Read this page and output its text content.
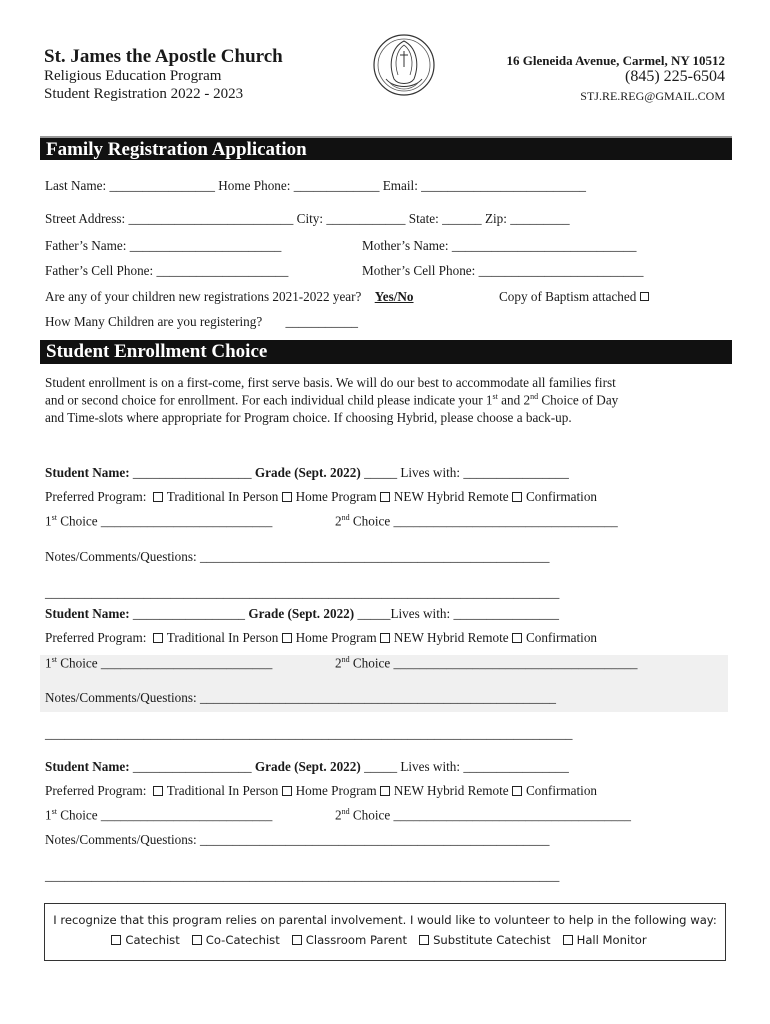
St. James the Apostle Church
Religious Education Program
Student Registration 2022 - 2023
16 Gleneida Avenue, Carmel, NY 10512
(845) 225-6504
STJ.RE.REG@GMAIL.COM
Family Registration Application
Last Name: ________________ Home Phone: _____________ Email: _________________________
Street Address: _________________________ City: ____________ State: ______ Zip: _________
Father’s Name: _______________________	Mother’s Name: ____________________________
Father’s Cell Phone: ____________________	Mother’s Cell Phone: _________________________
Are any of your children new registrations 2021-2022 year? Yes/No	Copy of Baptism attached
How Many Children are you registering? ___________
Student Enrollment Choice
Student enrollment is on a first-come, first serve basis. We will do our best to accommodate all families first
and or second choice for enrollment. For each individual child please indicate your 1st and 2nd Choice of Day
and Time-slots where appropriate for Program choice. If choosing Hybrid, please choose a back-up.
Student Name: __________________ Grade (Sept. 2022) _____ Lives with: ________________
Preferred Program: Traditional In Person Home Program NEW Hybrid Remote Confirmation
1st Choice __________________________	2nd Choice __________________________________
Notes/Comments/Questions: _____________________________________________________
______________________________________________________________________________
Student Name: _________________ Grade (Sept. 2022) _____Lives with: ________________
Preferred Program: Traditional In Person Home Program NEW Hybrid Remote Confirmation
1st Choice __________________________	2nd Choice _____________________________________
Notes/Comments/Questions: ______________________________________________________
________________________________________________________________________________
Student Name: __________________ Grade (Sept. 2022) _____ Lives with: ________________
Preferred Program: Traditional In Person Home Program NEW Hybrid Remote Confirmation
1st Choice __________________________	2nd Choice ____________________________________
Notes/Comments/Questions: _____________________________________________________
______________________________________________________________________________
I recognize that this program relies on parental involvement. I would like to volunteer to help in the following way:
Catechist Co-Catechist Classroom Parent Substitute Catechist Hall Monitor
